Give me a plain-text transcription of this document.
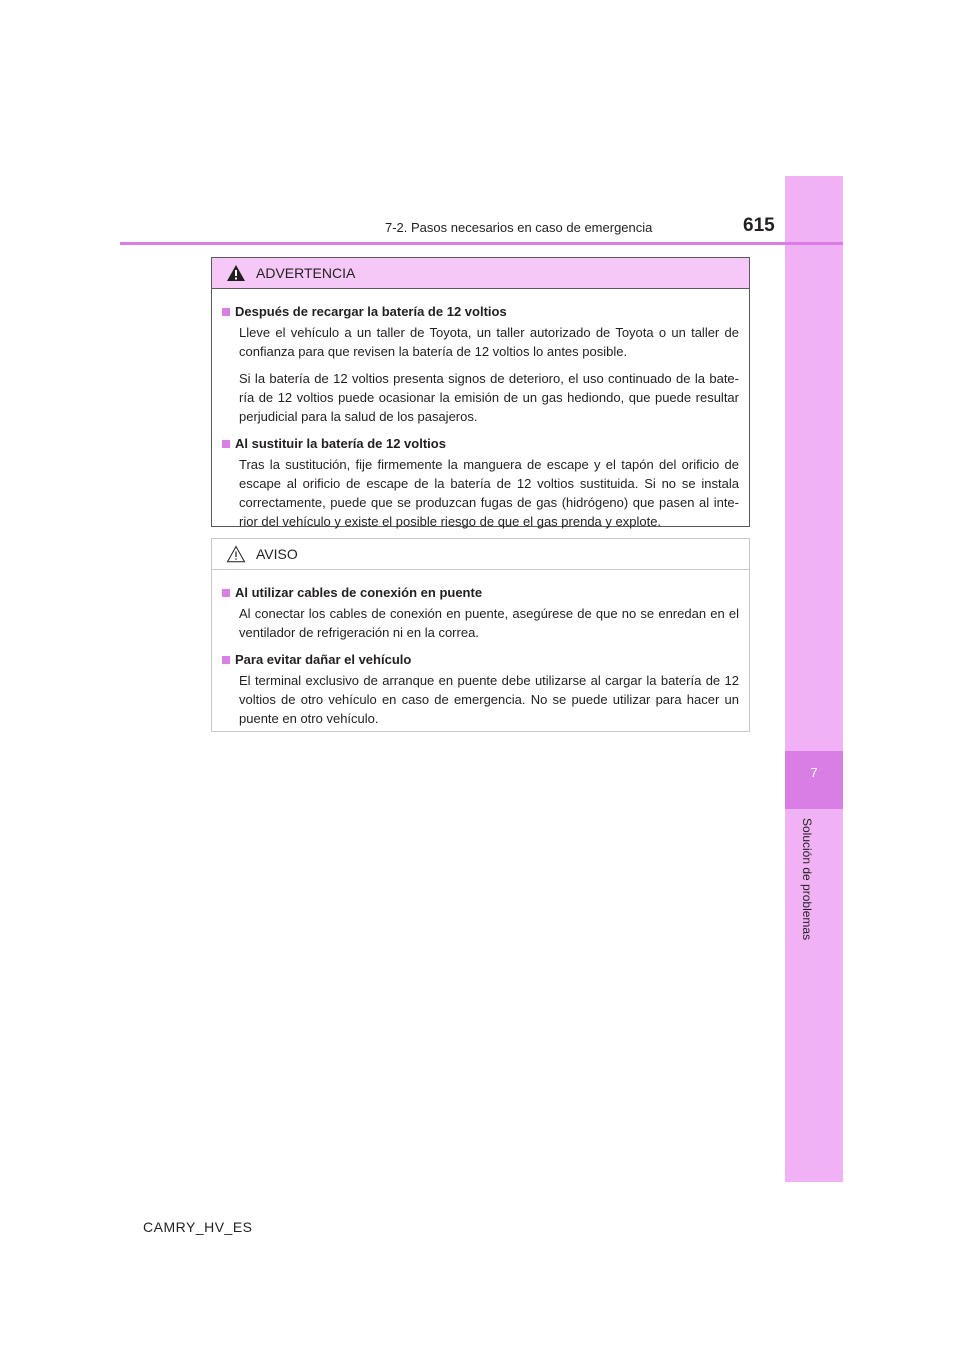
7
Solución de problemas
7-2. Pasos necesarios en caso de emergencia	615
ADVERTENCIA
Después de recargar la batería de 12 voltios

Lleve el vehículo a un taller de Toyota, un taller autorizado de Toyota o un taller de confianza para que revisen la batería de 12 voltios lo antes posible.

Si la batería de 12 voltios presenta signos de deterioro, el uso continuado de la bate-ría de 12 voltios puede ocasionar la emisión de un gas hediondo, que puede resultar perjudicial para la salud de los pasajeros.

Al sustituir la batería de 12 voltios

Tras la sustitución, fije firmemente la manguera de escape y el tapón del orificio de escape al orificio de escape de la batería de 12 voltios sustituida. Si no se instala correctamente, puede que se produzcan fugas de gas (hidrógeno) que pasen al inte-rior del vehículo y existe el posible riesgo de que el gas prenda y explote.

AVISO
Al utilizar cables de conexión en puente

Al conectar los cables de conexión en puente, asegúrese de que no se enredan en el ventilador de refrigeración ni en la correa.

Para evitar dañar el vehículo

El terminal exclusivo de arranque en puente debe utilizarse al cargar la batería de 12 voltios de otro vehículo en caso de emergencia. No se puede utilizar para hacer un puente en otro vehículo.

CAMRY_HV_ES
